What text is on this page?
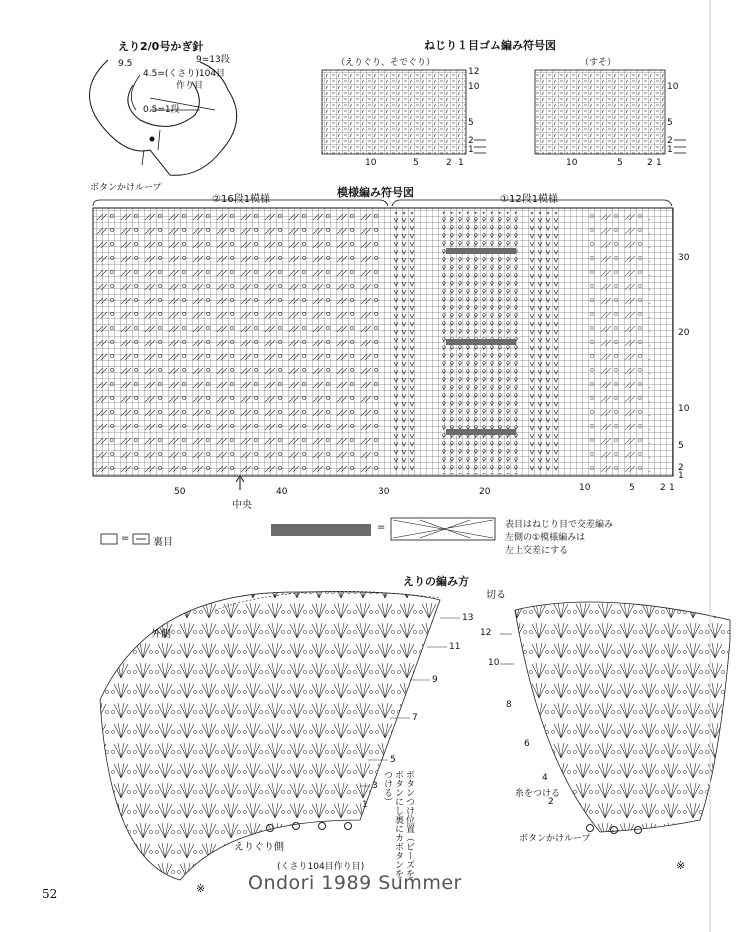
えり2/0号かぎ針
9.5
4.5=(くさり)104目
作り目
9=13段
0.5=1段
ボタンかけループ
ねじり１目ゴム編み符号図
（えりぐり、そでぐり）	（すそ）
12
10
5
2
1
10	5	2 1
10
5
2
1
10	5	2 1
模様編み符号図
②16段1模様	①12段1模様
30
20
10
5
2
1
50	40	30	20	10	5	2 1
中央
= 裏目
=	表目はねじり目で交差編み
左側の①模様編みは
左上交差にする
えりの編み方
外側
切る
13
11
9
7
5
3
1
12
10
8
6
4
2
ボタンつけ位置（ビーズをボタンにし裏にカボタンをつける）
えりぐり側
(くさり104目作り目)
糸をつける
ボタンかけループ
※
※
52	Ondori 1989 Summer
